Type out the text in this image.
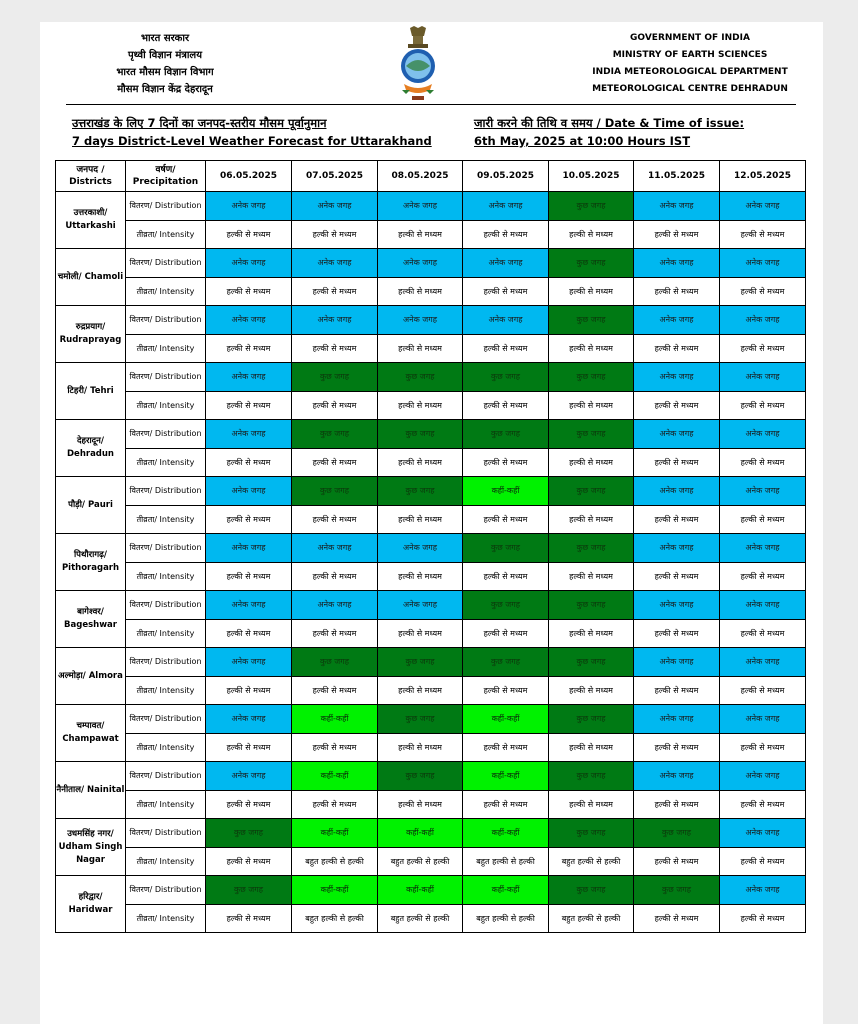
भारत सरकार
पृथ्वी विज्ञान मंत्रालय
भारत मौसम विज्ञान विभाग
मौसम विज्ञान केंद्र देहरादून
GOVERNMENT OF INDIA
MINISTRY OF EARTH SCIENCES
INDIA METEOROLOGICAL DEPARTMENT
METEOROLOGICAL CENTRE DEHRADUN
उत्तराखंड के लिए 7 दिनों का जनपद-स्तरीय मौसम पूर्वानुमान
7 days District-Level Weather Forecast for Uttarakhand
जारी करने की तिथि व समय / Date & Time of issue:
6th May, 2025 at 10:00 Hours IST
जनपद / Districts	वर्षण/ Precipitation	06.05.2025	07.05.2025	08.05.2025	09.05.2025	10.05.2025	11.05.2025	12.05.2025
उत्तरकाशी/ Uttarkashi	वितरण/ Distribution	अनेक जगह	अनेक जगह	अनेक जगह	अनेक जगह	कुछ जगह	अनेक जगह	अनेक जगह
	तीव्रता/ Intensity	हल्की से मध्यम	हल्की से मध्यम	हल्की से मध्यम	हल्की से मध्यम	हल्की से मध्यम	हल्की से मध्यम	हल्की से मध्यम
चमोली/ Chamoli	वितरण/ Distribution	अनेक जगह	अनेक जगह	अनेक जगह	अनेक जगह	कुछ जगह	अनेक जगह	अनेक जगह
	तीव्रता/ Intensity	हल्की से मध्यम	हल्की से मध्यम	हल्की से मध्यम	हल्की से मध्यम	हल्की से मध्यम	हल्की से मध्यम	हल्की से मध्यम
रुद्रप्रयाग/ Rudraprayag	वितरण/ Distribution	अनेक जगह	अनेक जगह	अनेक जगह	अनेक जगह	कुछ जगह	अनेक जगह	अनेक जगह
	तीव्रता/ Intensity	हल्की से मध्यम	हल्की से मध्यम	हल्की से मध्यम	हल्की से मध्यम	हल्की से मध्यम	हल्की से मध्यम	हल्की से मध्यम
टिहरी/ Tehri	वितरण/ Distribution	अनेक जगह	कुछ जगह	कुछ जगह	कुछ जगह	कुछ जगह	अनेक जगह	अनेक जगह
	तीव्रता/ Intensity	हल्की से मध्यम	हल्की से मध्यम	हल्की से मध्यम	हल्की से मध्यम	हल्की से मध्यम	हल्की से मध्यम	हल्की से मध्यम
देहरादून/ Dehradun	वितरण/ Distribution	अनेक जगह	कुछ जगह	कुछ जगह	कुछ जगह	कुछ जगह	अनेक जगह	अनेक जगह
	तीव्रता/ Intensity	हल्की से मध्यम	हल्की से मध्यम	हल्की से मध्यम	हल्की से मध्यम	हल्की से मध्यम	हल्की से मध्यम	हल्की से मध्यम
पौड़ी/ Pauri	वितरण/ Distribution	अनेक जगह	कुछ जगह	कुछ जगह	कहीं-कहीं	कुछ जगह	अनेक जगह	अनेक जगह
	तीव्रता/ Intensity	हल्की से मध्यम	हल्की से मध्यम	हल्की से मध्यम	हल्की से मध्यम	हल्की से मध्यम	हल्की से मध्यम	हल्की से मध्यम
पिथौरागढ़/ Pithoragarh	वितरण/ Distribution	अनेक जगह	अनेक जगह	अनेक जगह	कुछ जगह	कुछ जगह	अनेक जगह	अनेक जगह
	तीव्रता/ Intensity	हल्की से मध्यम	हल्की से मध्यम	हल्की से मध्यम	हल्की से मध्यम	हल्की से मध्यम	हल्की से मध्यम	हल्की से मध्यम
बागेश्वर/ Bageshwar	वितरण/ Distribution	अनेक जगह	अनेक जगह	अनेक जगह	कुछ जगह	कुछ जगह	अनेक जगह	अनेक जगह
	तीव्रता/ Intensity	हल्की से मध्यम	हल्की से मध्यम	हल्की से मध्यम	हल्की से मध्यम	हल्की से मध्यम	हल्की से मध्यम	हल्की से मध्यम
अल्मोड़ा/ Almora	वितरण/ Distribution	अनेक जगह	कुछ जगह	कुछ जगह	कुछ जगह	कुछ जगह	अनेक जगह	अनेक जगह
	तीव्रता/ Intensity	हल्की से मध्यम	हल्की से मध्यम	हल्की से मध्यम	हल्की से मध्यम	हल्की से मध्यम	हल्की से मध्यम	हल्की से मध्यम
चम्पावत/ Champawat	वितरण/ Distribution	अनेक जगह	कहीं-कहीं	कुछ जगह	कहीं-कहीं	कुछ जगह	अनेक जगह	अनेक जगह
	तीव्रता/ Intensity	हल्की से मध्यम	हल्की से मध्यम	हल्की से मध्यम	हल्की से मध्यम	हल्की से मध्यम	हल्की से मध्यम	हल्की से मध्यम
नैनीताल/ Nainital	वितरण/ Distribution	अनेक जगह	कहीं-कहीं	कुछ जगह	कहीं-कहीं	कुछ जगह	अनेक जगह	अनेक जगह
	तीव्रता/ Intensity	हल्की से मध्यम	हल्की से मध्यम	हल्की से मध्यम	हल्की से मध्यम	हल्की से मध्यम	हल्की से मध्यम	हल्की से मध्यम
उधमसिंह नगर/ Udham Singh Nagar	वितरण/ Distribution	कुछ जगह	कहीं-कहीं	कहीं-कहीं	कहीं-कहीं	कुछ जगह	कुछ जगह	अनेक जगह
	तीव्रता/ Intensity	हल्की से मध्यम	बहुत हल्की से हल्की	बहुत हल्की से हल्की	बहुत हल्की से हल्की	बहुत हल्की से हल्की	हल्की से मध्यम	हल्की से मध्यम
हरिद्वार/ Haridwar	वितरण/ Distribution	कुछ जगह	कहीं-कहीं	कहीं-कहीं	कहीं-कहीं	कुछ जगह	कुछ जगह	अनेक जगह
	तीव्रता/ Intensity	हल्की से मध्यम	बहुत हल्की से हल्की	बहुत हल्की से हल्की	बहुत हल्की से हल्की	बहुत हल्की से हल्की	हल्की से मध्यम	हल्की से मध्यम
